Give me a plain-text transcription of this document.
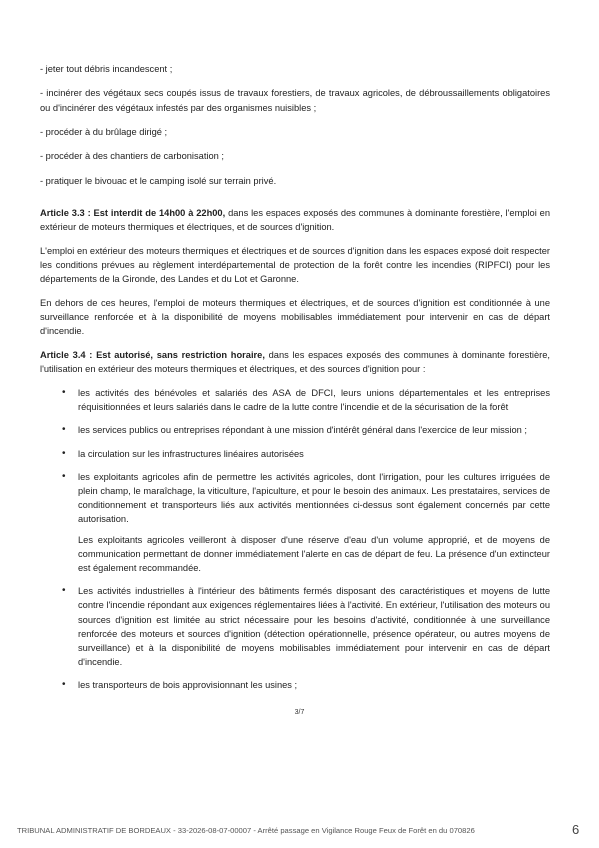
- jeter tout débris incandescent ;

- incinérer des végétaux secs coupés issus de travaux forestiers, de travaux agricoles, de débroussaillements obligatoires ou d'incinérer des végétaux infestés par des organismes nuisibles ;

- procéder à du brûlage dirigé ;

- procéder à des chantiers de carbonisation ;

- pratiquer le bivouac et le camping isolé sur terrain privé.

Article 3.3 : Est interdit de 14h00 à 22h00, dans les espaces exposés des communes à dominante forestière, l'emploi en extérieur de moteurs thermiques et électriques, et de sources d'ignition.

L'emploi en extérieur des moteurs thermiques et électriques et de sources d'ignition dans les espaces exposé doit respecter les conditions prévues au règlement interdépartemental de protection de la forêt contre les incendies (RIPFCI) pour les départements de la Gironde, des Landes et du Lot et Garonne.

En dehors de ces heures, l'emploi de moteurs thermiques et électriques, et de sources d'ignition est conditionnée à une surveillance renforcée et à la disponibilité de moyens mobilisables immédiatement pour intervenir en cas de départ d'incendie.

Article 3.4 : Est autorisé, sans restriction horaire, dans les espaces exposés des communes à dominante forestière, l'utilisation en extérieur des moteurs thermiques et électriques, et des sources d'ignition pour :

• les activités des bénévoles et salariés des ASA de DFCI, leurs unions départementales et les entreprises réquisitionnées et leurs salariés dans le cadre de la lutte contre l'incendie et de la sécurisation de la forêt
• les services publics ou entreprises répondant à une mission d'intérêt général dans l'exercice de leur mission ;
• la circulation sur les infrastructures linéaires autorisées
• les exploitants agricoles afin de permettre les activités agricoles, dont l'irrigation, pour les cultures irriguées de plein champ, le maraîchage, la viticulture, l'apiculture, et pour le besoin des animaux. Les prestataires, services de conditionnement et transporteurs liés aux activités mentionnées ci-dessus sont également concernés par cette autorisation.

Les exploitants agricoles veilleront à disposer d'une réserve d'eau d'un volume approprié, et de moyens de communication permettant de donner immédiatement l'alerte en cas de départ de feu. La présence d'un extincteur est également recommandée.

• Les activités industrielles à l'intérieur des bâtiments fermés disposant des caractéristiques et moyens de lutte contre l'incendie répondant aux exigences réglementaires liées à l'activité. En extérieur, l'utilisation des moteurs ou sources d'ignition est limitée au strict nécessaire pour les besoins d'activité, conditionnée à une surveillance renforcée des moteurs et sources d'ignition (détection opérationnelle, présence opérateur, ou autres moyens de surveillance) et à la disponibilité de moyens mobilisables immédiatement pour intervenir en cas de départ d'incendie.
• les transporteurs de bois approvisionnant les usines ;
3/7
TRIBUNAL ADMINISTRATIF DE BORDEAUX - 33-2026-08-07-00007 - Arrêté passage en Vigilance Rouge Feux de Forêt en du 070826	6
